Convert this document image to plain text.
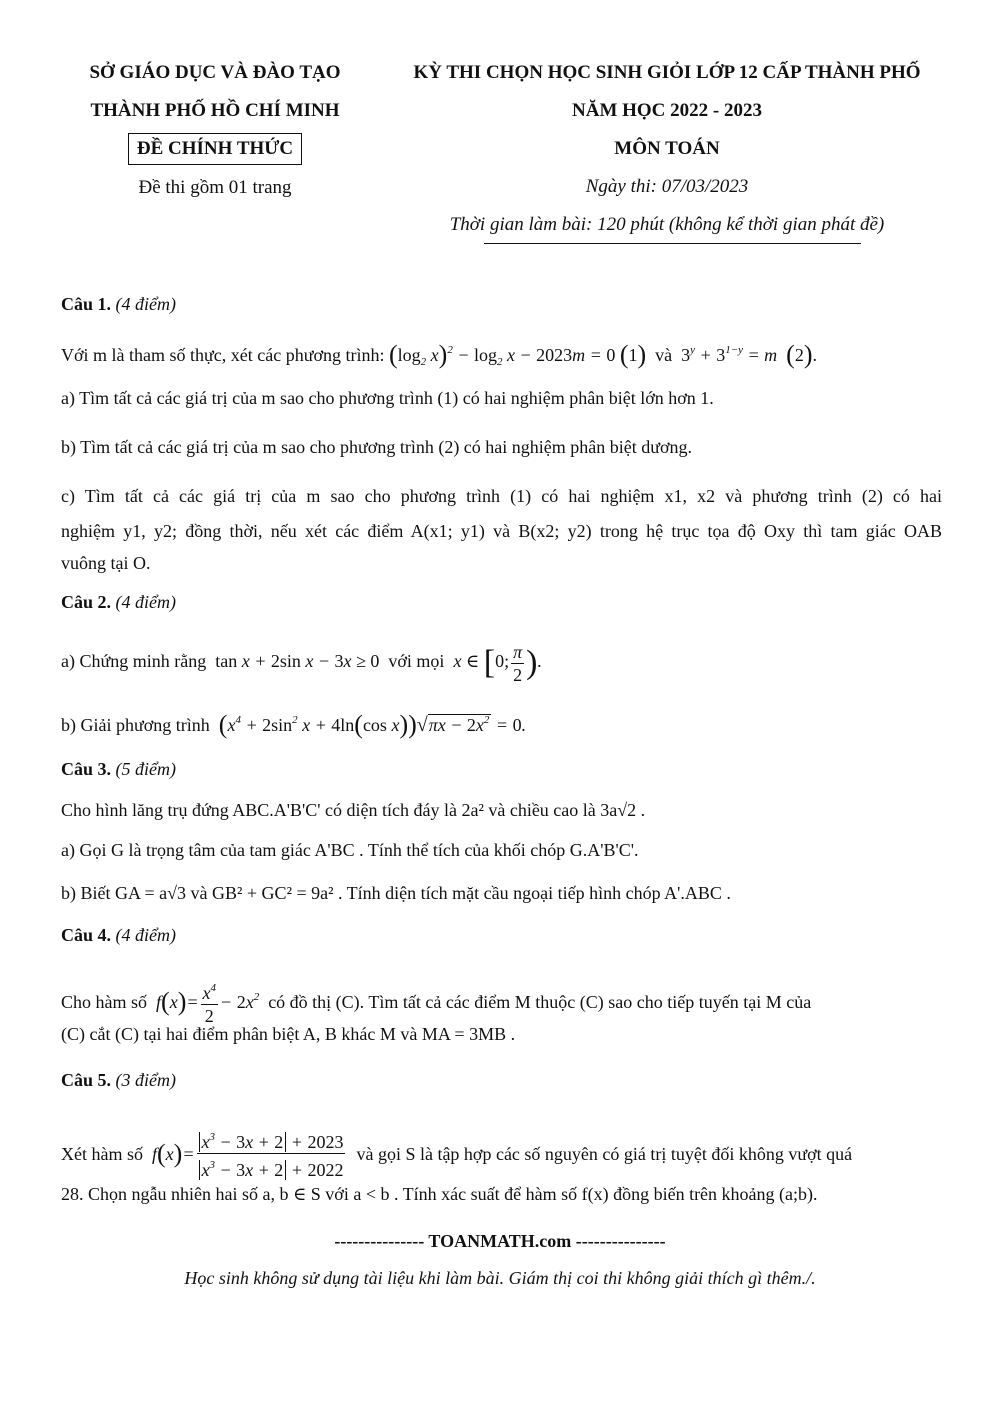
SỞ GIÁO DỤC VÀ ĐÀO TẠO
THÀNH PHỐ HỒ CHÍ MINH
ĐỀ CHÍNH THỨC
Đề thi gồm 01 trang
KỲ THI CHỌN HỌC SINH GIỎI LỚP 12 CẤP THÀNH PHỐ
NĂM HỌC 2022 - 2023
MÔN TOÁN
Ngày thi: 07/03/2023
Thời gian làm bài: 120 phút (không kể thời gian phát đề)
Câu 1. (4 điểm)
Với m là tham số thực, xét các phương trình: ($\log_2$ $x)^2 - \log_2 x - 2023m = 0$ (1)  và  $3^y + 3^{1-y} = m$  (2).
a) Tìm tất cả các giá trị của m sao cho phương trình (1) có hai nghiệm phân biệt lớn hơn 1.
b) Tìm tất cả các giá trị của m sao cho phương trình (2) có hai nghiệm phân biệt dương.
c) Tìm tất cả các giá trị của m sao cho phương trình (1) có hai nghiệm x1, x2 và phương trình (2) có hai
nghiệm y1, y2; đồng thời, nếu xét các điểm A(x1; y1) và B(x2; y2) trong hệ trục tọa độ Oxy thì tam giác OAB
vuông tại O.
Câu 2. (4 điểm)
a) Chứng minh rằng tan x + 2sin x − 3x ≥ 0 với mọi  x ∈ [0; $\frac{\pi}{2}$ ).
b) Giải phương trình ($x^4 + 2\sin^2$ x + 4ln(cos $x))√\pi x - 2x^2 = 0$.
Câu 3. (5 điểm)
Cho hình lăng trụ đứng ABC.A'B'C' có diện tích đáy là 2a² và chiều cao là 3a√2 .
a) Gọi G là trọng tâm của tam giác A'BC . Tính thể tích của khối chóp G.A'B'C'.
b) Biết GA = a√3 và GB² + GC² = 9a² . Tính diện tích mặt cầu ngoại tiếp hình chóp A'.ABC .
Câu 4. (4 điểm)
Cho hàm số  $f(x)= \frac{x^4}{2} - 2x^2$ có đồ thị (C). Tìm tất cả các điểm M thuộc (C) sao cho tiếp tuyến tại M của
(C) cắt (C) tại hai điểm phân biệt A, B khác M và MA = 3MB .
Câu 5. (3 điểm)
Xét hàm số  $f(x)= \frac{x^3 - 3x + 2 + 2023}{x^3 - 3x + 2 + 2022}$ và gọi S là tập hợp các số nguyên có giá trị tuyệt đối không vượt quá
28. Chọn ngẫu nhiên hai số a, b ∈ S với a < b . Tính xác suất để hàm số f(x) đồng biến trên khoảng (a;b).
--------------- TOANMATH.com ---------------
Học sinh không sử dụng tài liệu khi làm bài. Giám thị coi thi không giải thích gì thêm./.
